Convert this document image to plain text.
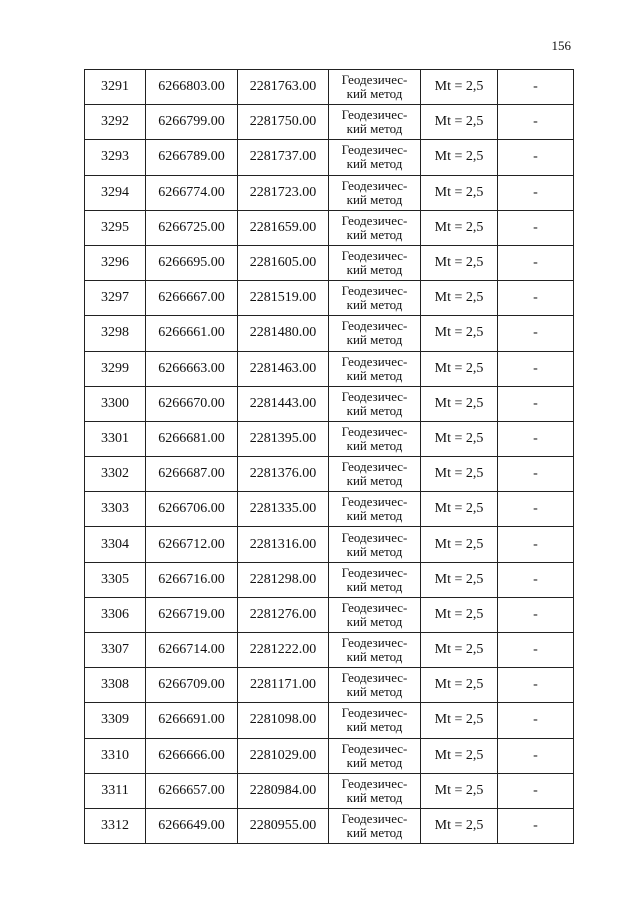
156
3291	6266803.00	2281763.00	Геодезичес-
кий метод	Mt = 2,5	-
3292	6266799.00	2281750.00	Геодезичес-
кий метод	Mt = 2,5	-
3293	6266789.00	2281737.00	Геодезичес-
кий метод	Mt = 2,5	-
3294	6266774.00	2281723.00	Геодезичес-
кий метод	Mt = 2,5	-
3295	6266725.00	2281659.00	Геодезичес-
кий метод	Mt = 2,5	-
3296	6266695.00	2281605.00	Геодезичес-
кий метод	Mt = 2,5	-
3297	6266667.00	2281519.00	Геодезичес-
кий метод	Mt = 2,5	-
3298	6266661.00	2281480.00	Геодезичес-
кий метод	Mt = 2,5	-
3299	6266663.00	2281463.00	Геодезичес-
кий метод	Mt = 2,5	-
3300	6266670.00	2281443.00	Геодезичес-
кий метод	Mt = 2,5	-
3301	6266681.00	2281395.00	Геодезичес-
кий метод	Mt = 2,5	-
3302	6266687.00	2281376.00	Геодезичес-
кий метод	Mt = 2,5	-
3303	6266706.00	2281335.00	Геодезичес-
кий метод	Mt = 2,5	-
3304	6266712.00	2281316.00	Геодезичес-
кий метод	Mt = 2,5	-
3305	6266716.00	2281298.00	Геодезичес-
кий метод	Mt = 2,5	-
3306	6266719.00	2281276.00	Геодезичес-
кий метод	Mt = 2,5	-
3307	6266714.00	2281222.00	Геодезичес-
кий метод	Mt = 2,5	-
3308	6266709.00	2281171.00	Геодезичес-
кий метод	Mt = 2,5	-
3309	6266691.00	2281098.00	Геодезичес-
кий метод	Mt = 2,5	-
3310	6266666.00	2281029.00	Геодезичес-
кий метод	Mt = 2,5	-
3311	6266657.00	2280984.00	Геодезичес-
кий метод	Mt = 2,5	-
3312	6266649.00	2280955.00	Геодезичес-
кий метод	Mt = 2,5	-
